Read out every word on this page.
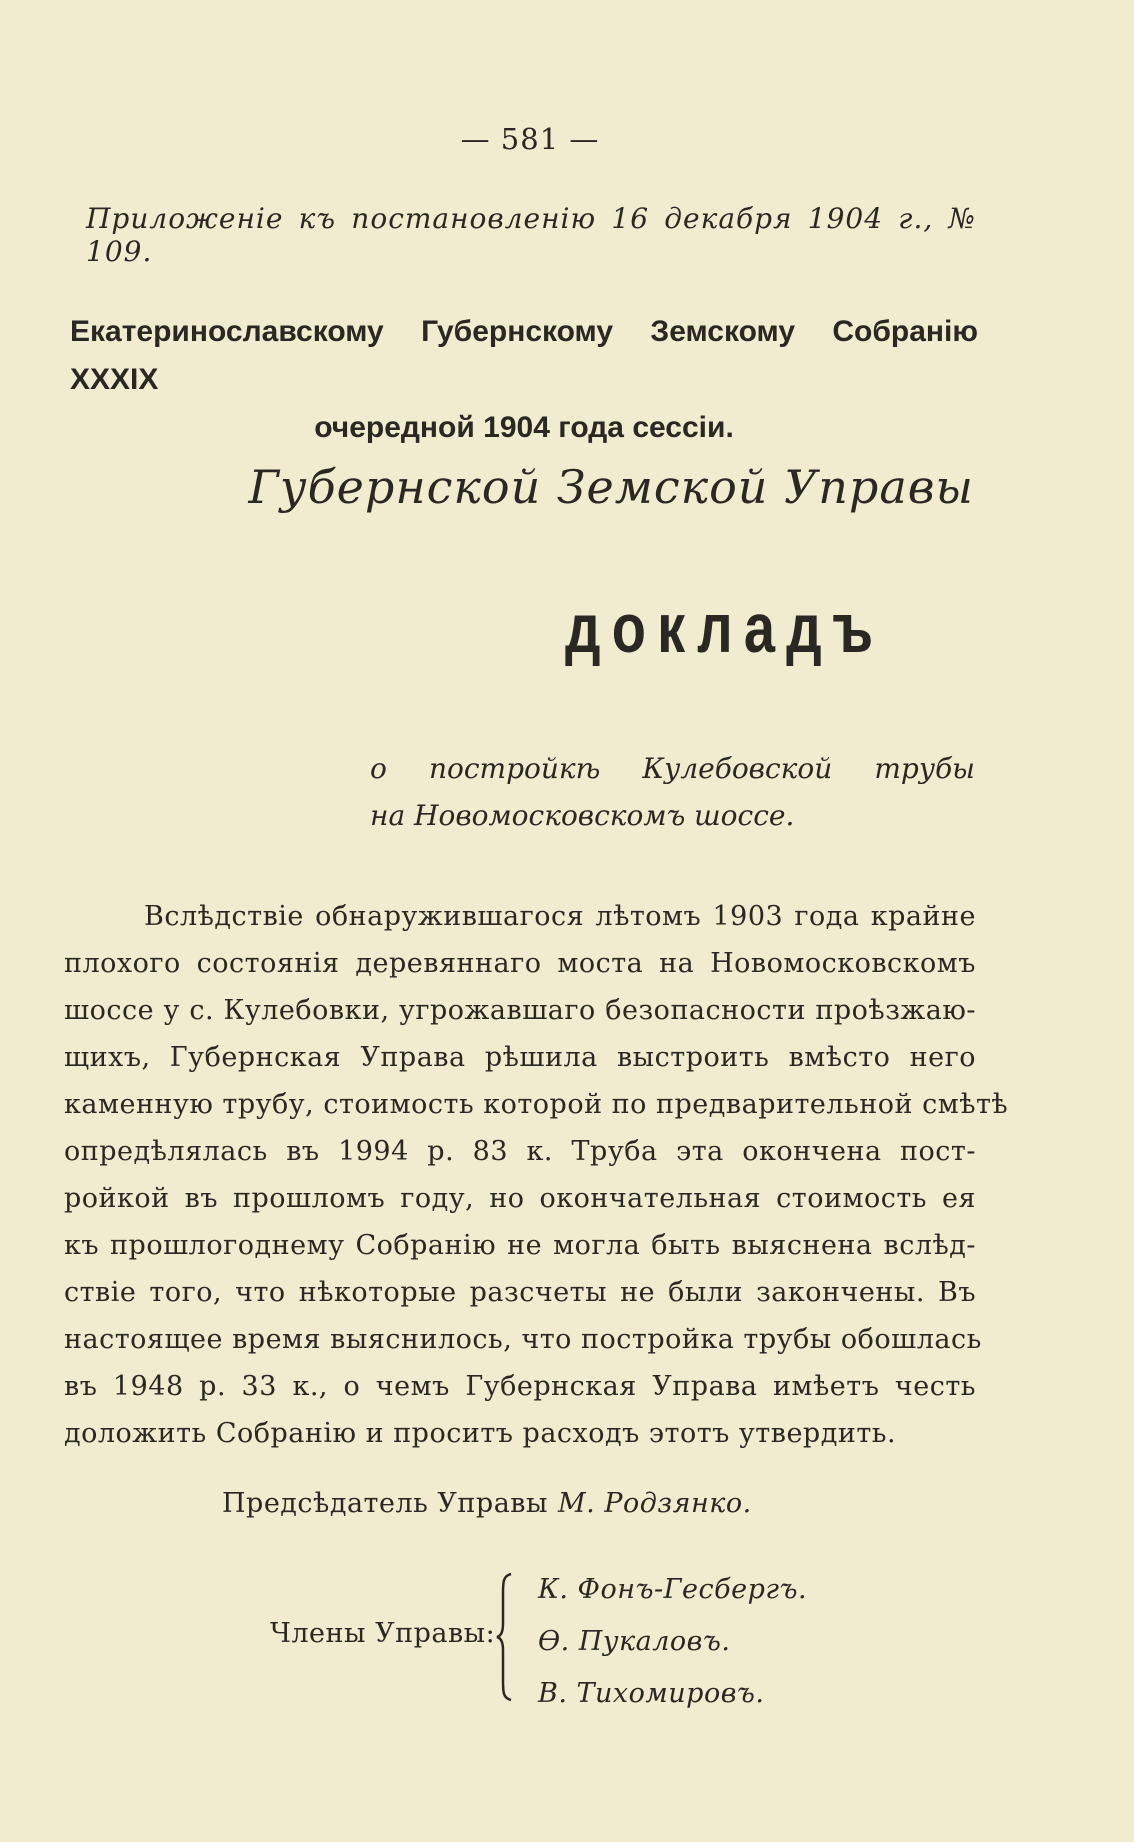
— 581 —
Приложеніе къ постановленію 16 декабря 1904 г., № 109.
Екатеринославскому Губернскому Земскому Собранію XXXIX
очередной 1904 года сессіи.
Губернской Земской Управы
докладъ
о постройкѣ Кулебовской трубы
на Новомосковскомъ шоссе.
Вслѣдствіе обнаружившагося лѣтомъ 1903 года крайне
плохого состоянія деревяннаго моста на Новомосковскомъ
шоссе у с. Кулебовки, угрожавшаго безопасности проѣзжаю-
щихъ, Губернская Управа рѣшила выстроить вмѣсто него
каменную трубу, стоимость которой по предварительной смѣтѣ
опредѣлялась въ 1994 р. 83 к. Труба эта окончена пост-
ройкой въ прошломъ году, но окончательная стоимость ея
къ прошлогоднему Собранію не могла быть выяснена вслѣд-
ствіе того, что нѣкоторые разсчеты не были закончены. Въ
настоящее время выяснилось, что постройка трубы обошлась
въ 1948 р. 33 к., о чемъ Губернская Управа имѣетъ честь
доложить Собранію и проситъ расходъ этотъ утвердить.
Предсѣдатель Управы М. Родзянко.
Члены Управы:
К. Фонъ-Гесбергъ.
Ѳ. Пукаловъ.
В. Тихомировъ.
